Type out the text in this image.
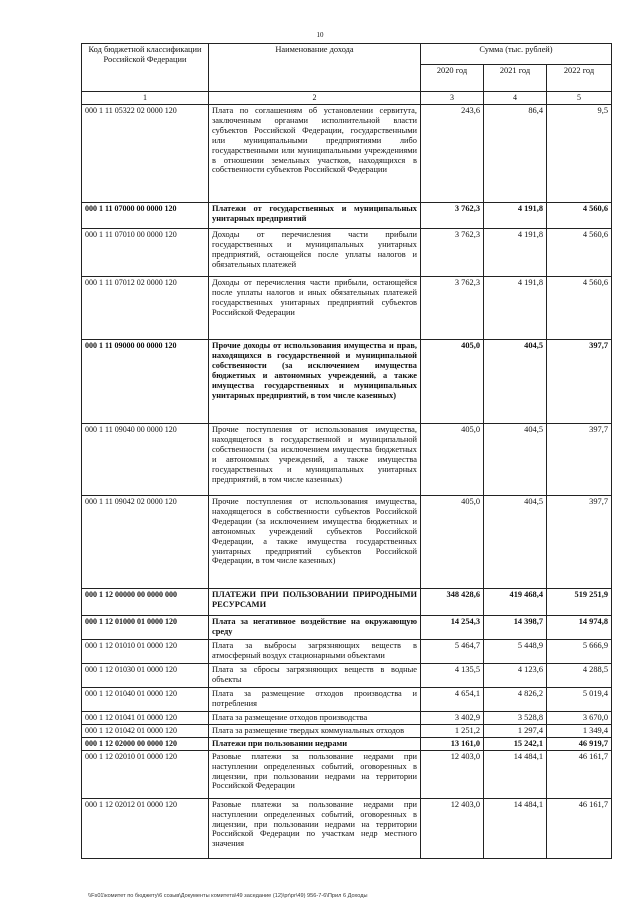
10
Код бюджетной классификации Российской Федерации	Наименование дохода	Сумма (тыс. рублей)		
		2020 год	2021 год	2022 год
1	2	3	4	5
000 1 11 05322 02 0000 120	Плата по соглашениям об установлении сервитута, заключенным органами исполнительной власти субъектов Российской Федерации, государственными или муниципальными предприятиями либо государственными или муниципальными учреждениями в отношении земельных участков, находящихся в собственности субъектов Российской Федерации	243,6	86,4	9,5
000 1 11 07000 00 0000 120	Платежи от государственных и муниципальных унитарных предприятий	3 762,3	4 191,8	4 560,6
000 1 11 07010 00 0000 120	Доходы от перечисления части прибыли государственных и муниципальных унитарных предприятий, остающейся после уплаты налогов и обязательных платежей	3 762,3	4 191,8	4 560,6
000 1 11 07012 02 0000 120	Доходы от перечисления части прибыли, остающейся после уплаты налогов и иных обязательных платежей государственных унитарных предприятий субъектов Российской Федерации	3 762,3	4 191,8	4 560,6
000 1 11 09000 00 0000 120	Прочие доходы от использования имущества и прав, находящихся в государственной и муниципальной собственности (за исключением имущества бюджетных и автономных учреждений, а также имущества государственных и муниципальных унитарных предприятий, в том числе казенных)	405,0	404,5	397,7
000 1 11 09040 00 0000 120	Прочие поступления от использования имущества, находящегося в государственной и муниципальной собственности (за исключением имущества бюджетных и автономных учреждений, а также имущества государственных и муниципальных унитарных предприятий, в том числе казенных)	405,0	404,5	397,7
000 1 11 09042 02 0000 120	Прочие поступления от использования имущества, находящегося в собственности субъектов Российской Федерации (за исключением имущества бюджетных и автономных учреждений субъектов Российской Федерации, а также имущества государственных унитарных предприятий субъектов Российской Федерации, в том числе казенных)	405,0	404,5	397,7
000 1 12 00000 00 0000 000	ПЛАТЕЖИ ПРИ ПОЛЬЗОВАНИИ ПРИРОДНЫМИ РЕСУРСАМИ	348 428,6	419 468,4	519 251,9
000 1 12 01000 01 0000 120	Плата за негативное воздействие на окружающую среду	14 254,3	14 398,7	14 974,8
000 1 12 01010 01 0000 120	Плата за выбросы загрязняющих веществ в атмосферный воздух стационарными объектами	5 464,7	5 448,9	5 666,9
000 1 12 01030 01 0000 120	Плата за сбросы загрязняющих веществ в водные объекты	4 135,5	4 123,6	4 288,5
000 1 12 01040 01 0000 120	Плата за размещение отходов производства и потребления	4 654,1	4 826,2	5 019,4
000 1 12 01041 01 0000 120	Плата за размещение отходов производства	3 402,9	3 528,8	3 670,0
000 1 12 01042 01 0000 120	Плата за размещение твердых коммунальных отходов	1 251,2	1 297,4	1 349,4
000 1 12 02000 00 0000 120	Платежи при пользовании недрами	13 161,0	15 242,1	46 919,7
000 1 12 02010 01 0000 120	Разовые платежи за пользование недрами при наступлении определенных событий, оговоренных в лицензии, при пользовании недрами на территории Российской Федерации	12 403,0	14 484,1	46 161,7
000 1 12 02012 01 0000 120	Разовые платежи за пользование недрами при наступлении определенных событий, оговоренных в лицензии, при пользовании недрами на территории Российской Федерации по участкам недр местного значения	12 403,0	14 484,1	46 161,7
\\Fs01\комитет по бюджету\6 созыв\Документы комитета\49 заседание (12)\pr\pr\49) 956-7-6\Прил 6 Доходы
